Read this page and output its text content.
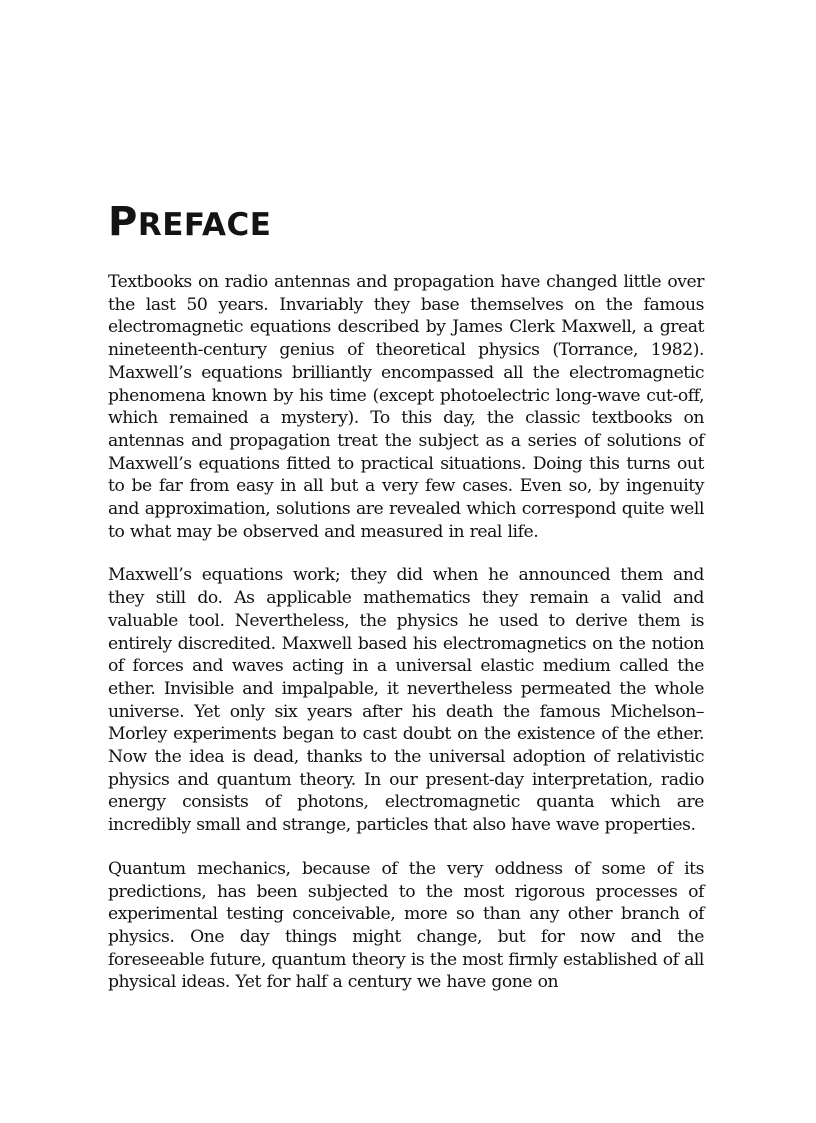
PREFACE

Textbooks on radio antennas and propagation have changed little over the last 50 years. Invariably they base themselves on the famous electromagnetic equations described by James Clerk Maxwell, a great nineteenth-century genius of theoretical physics (Torrance, 1982). Maxwell’s equations brilliantly encompassed all the electromagnetic phenomena known by his time (except photoelectric long-wave cut-off, which remained a mystery). To this day, the classic textbooks on antennas and propagation treat the subject as a series of solutions of Maxwell’s equations fitted to practical situations. Doing this turns out to be far from easy in all but a very few cases. Even so, by ingenuity and approximation, solutions are revealed which correspond quite well to what may be observed and measured in real life.

Maxwell’s equations work; they did when he announced them and they still do. As applicable mathematics they remain a valid and valuable tool. Nevertheless, the physics he used to derive them is entirely discredited. Maxwell based his electromagnetics on the notion of forces and waves acting in a universal elastic medium called the ether. Invisible and impalpable, it nevertheless permeated the whole universe. Yet only six years after his death the famous Michelson–Morley experiments began to cast doubt on the existence of the ether. Now the idea is dead, thanks to the universal adoption of relativistic physics and quantum theory. In our present-day interpretation, radio energy consists of photons, electromagnetic quanta which are incredibly small and strange, particles that also have wave properties.

Quantum mechanics, because of the very oddness of some of its predictions, has been subjected to the most rigorous processes of experimental testing conceivable, more so than any other branch of physics. One day things might change, but for now and the foreseeable future, quantum theory is the most firmly established of all physical ideas. Yet for half a century we have gone on
